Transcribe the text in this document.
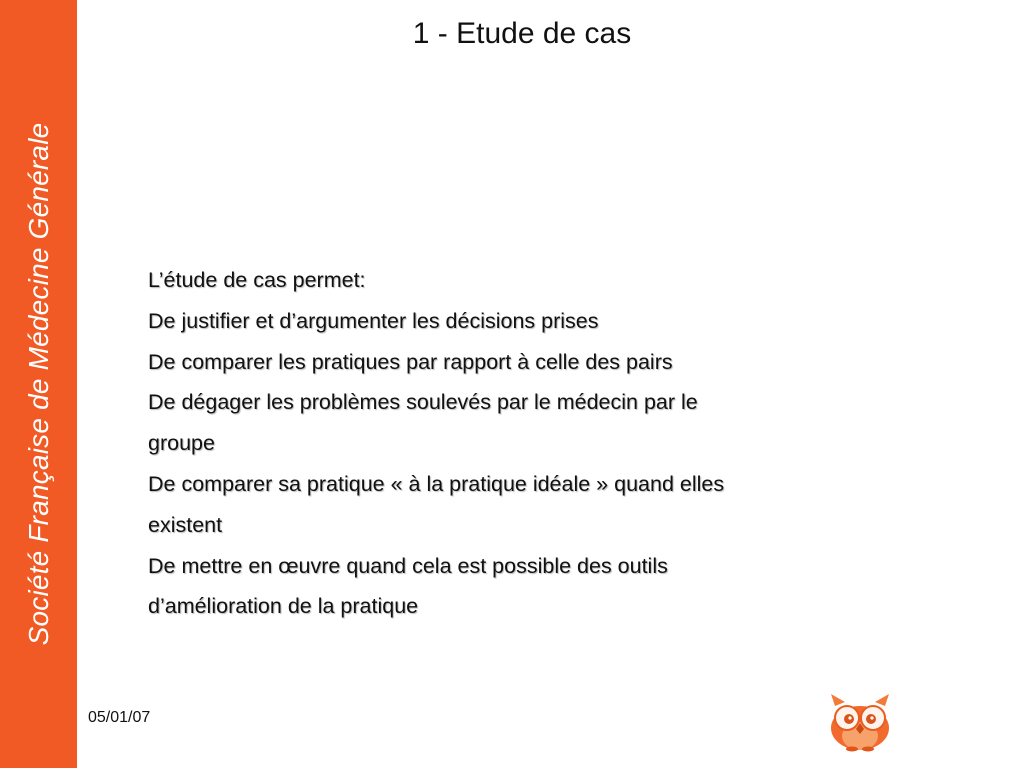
Société Française de Médecine Générale
1 - Etude de cas
L’étude de cas permet:
De justifier et d’argumenter les décisions prises
De comparer les pratiques par rapport à celle des pairs
De dégager les problèmes soulevés par le médecin par le
groupe
De comparer sa pratique « à la pratique idéale » quand elles
existent
De mettre en œuvre quand cela est possible des outils
d’amélioration de la pratique
05/01/07
